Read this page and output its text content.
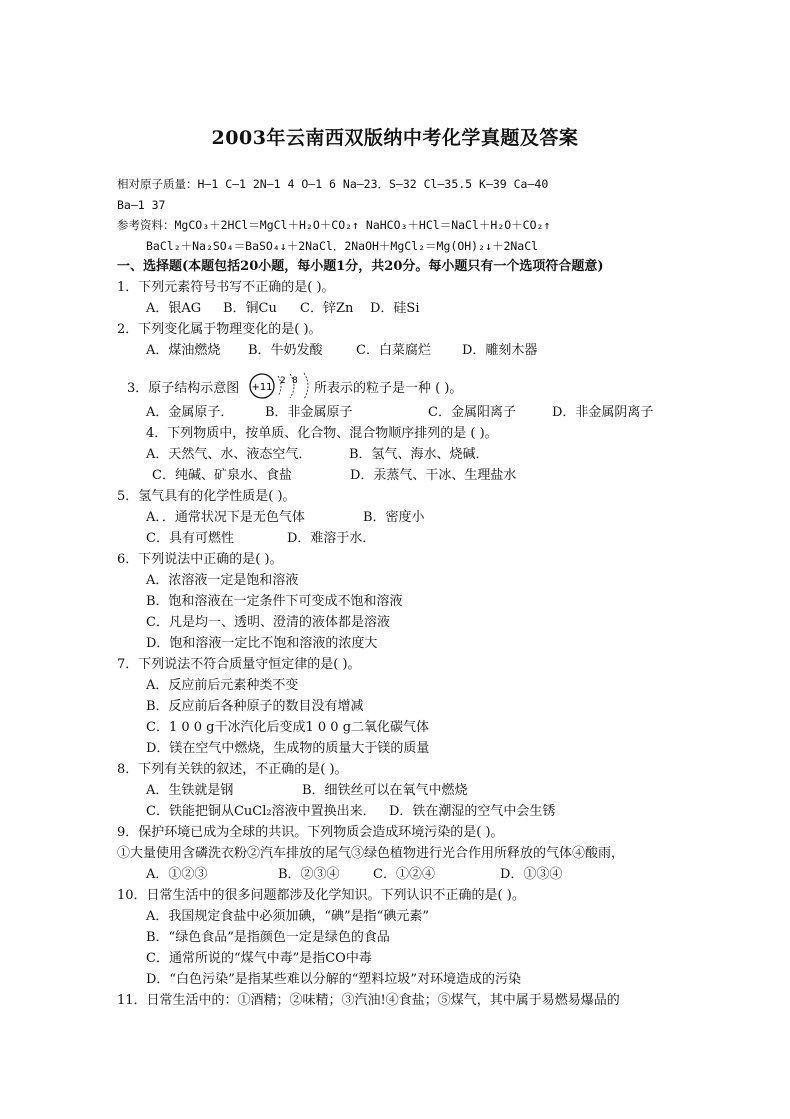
2003年云南西双版纳中考化学真题及答案
相对原子质量：H—1 C—1 2N—1 4 O—1 6 Na—23．S—32 Cl—35.5 K—39 Ca—40
Ba—1 37
参考资料：MgCO₃＋2HCl＝MgCl＋H₂O＋CO₂↑ NaHCO₃＋HCl＝NaCl＋H₂O＋CO₂↑
BaCl₂＋Na₂SO₄＝BaSO₄↓＋2NaCl．2NaOH＋MgCl₂＝Mg(OH)₂↓＋2NaCl
一、选择题(本题包括20小题，每小题1分，共20分。每小题只有一个选项符合题意)
1．下列元素符号书写不正确的是( )。
A．银AG B．铜Cu C．锌Zn D．硅Si
2．下列变化属于物理变化的是( )。
A．煤油燃烧 B．牛奶发酸	C．白菜腐烂 D．雕刻木器
3．原子结构示意图 +11
2 8 所表示的粒子是一种 ( )。
A．金属原子． B．非金属原子	C．金属阳离子	D．非金属阴离子
4．下列物质中，按单质、化合物、混合物顺序排列的是 ( )。
A．天然气、水、液态空气．	B．氢气、海水、烧碱．
C．纯碱、矿泉水、食盐	D．汞蒸气、干冰、生理盐水
5．氢气具有的化学性质是( )。
A．．通常状况下是无色气体	B．密度小
C．具有可燃性	D．难溶于水．
6．下列说法中正确的是( )。
A．浓溶液一定是饱和溶液
B．饱和溶液在一定条件下可变成不饱和溶液
C．凡是均一、透明、澄清的液体都是溶液
D．饱和溶液一定比不饱和溶液的浓度大
7．下列说法不符合质量守恒定律的是( )。
A．反应前后元素种类不变
B．反应前后各种原子的数目没有增减
C．1 0 0 g干冰汽化后变成1 0 0 g二氧化碳气体
D．镁在空气中燃烧，生成物的质量大于镁的质量
8．下列有关铁的叙述，不正确的是( )。
A．生铁就是钢	B．细铁丝可以在氧气中燃烧
C．铁能把铜从CuCl₂溶液中置换出来． D．铁在潮湿的空气中会生锈
9．保护环境已成为全球的共识。下列物质会造成环境污染的是( )。
①大量使用含磷洗衣粉②汽车排放的尾气③绿色植物进行光合作用所释放的气体④酸雨，
A．①②③	B．②③④	C．①②④	D．①③④
10．日常生活中的很多问题都涉及化学知识。下列认识不正确的是( )。
A．我国规定食盐中必须加碘，“碘”是指“碘元素”
B．“绿色食品”是指颜色一定是绿色的食品
C．通常所说的“煤气中毒”是指CO中毒
D．“白色污染”是指某些难以分解的“塑料垃圾”对环境造成的污染
11．日常生活中的：①酒精；②味精；③汽油!④食盐；⑤煤气，其中属于易燃易爆品的
